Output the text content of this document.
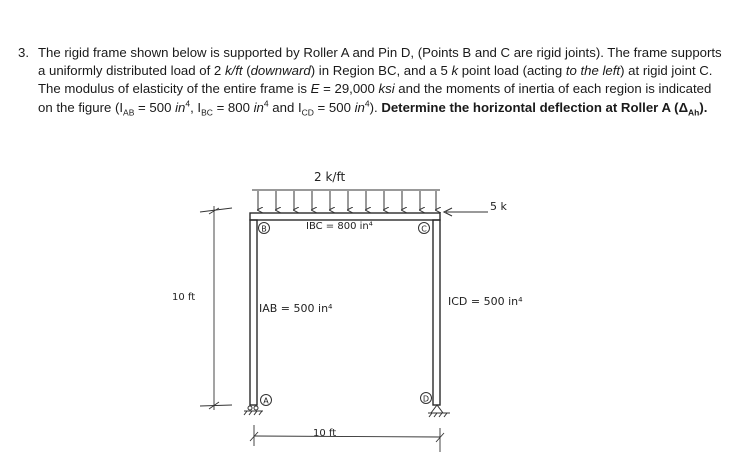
3. The rigid frame shown below is supported by Roller A and Pin D, (Points B and C are rigid joints). The frame supports a uniformly distributed load of 2 k/ft (downward) in Region BC, and a 5 k point load (acting to the left) at rigid joint C. The modulus of elasticity of the entire frame is E = 29,000 ksi and the moments of inertia of each region is indicated on the figure ($I_{AB} = 500$ $in^4$, $I_{BC} = 800$ $in^4$ and $I_{CD} = 500$ $in^4$). Determine the horizontal deflection at Roller A $(\Delta_{Ah})$.

2 k/ft
5 k
B	C
A	D
IBC = 800 in⁴
IAB = 500 in⁴
ICD = 500 in⁴
10 ft
10 ft
